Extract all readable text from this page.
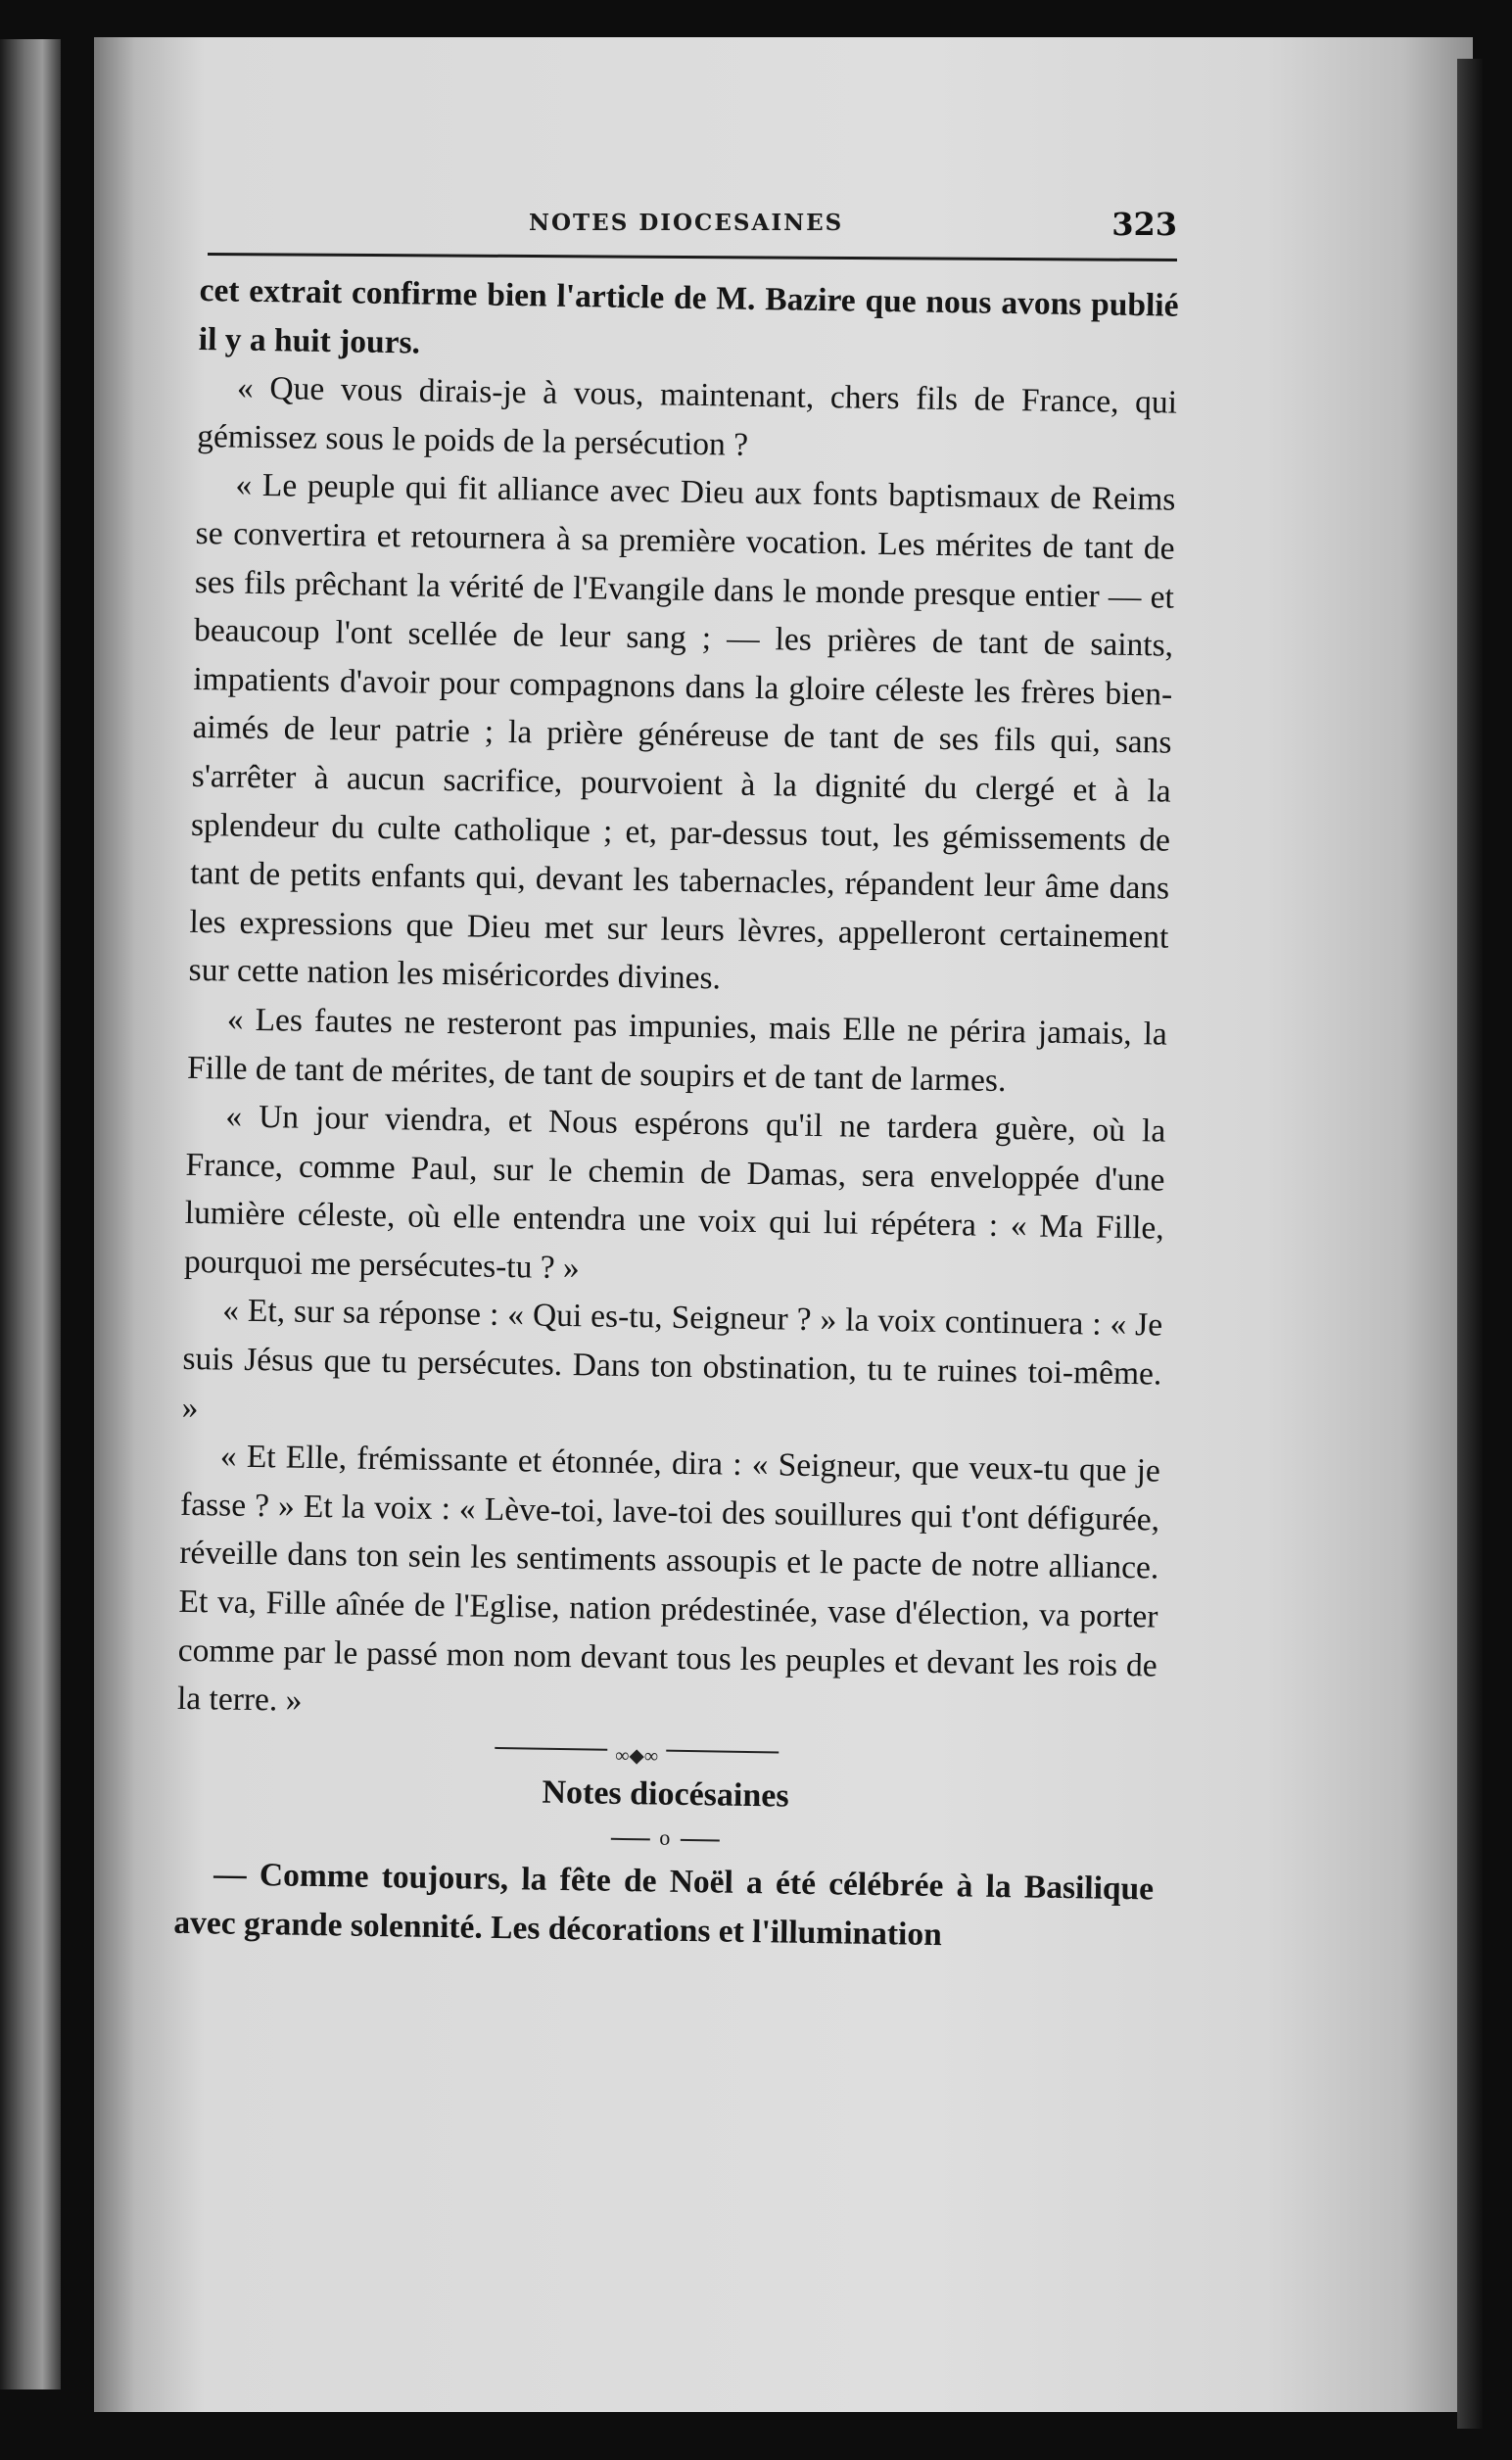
NOTES DIOCESAINES	323

cet extrait confirme bien l'article de M. Bazire que nous avons publié il y a huit jours.

« Que vous dirais-je à vous, maintenant, chers fils de France, qui gémissez sous le poids de la persécution ?

« Le peuple qui fit alliance avec Dieu aux fonts baptismaux de Reims se convertira et retournera à sa première vocation. Les mérites de tant de ses fils prêchant la vérité de l'Evangile dans le monde presque entier — et beaucoup l'ont scellée de leur sang ; — les prières de tant de saints, impatients d'avoir pour compagnons dans la gloire céleste les frères bien-aimés de leur patrie ; la prière généreuse de tant de ses fils qui, sans s'arrêter à aucun sacrifice, pourvoient à la dignité du clergé et à la splendeur du culte catholique ; et, par-dessus tout, les gémissements de tant de petits enfants qui, devant les tabernacles, répandent leur âme dans les expressions que Dieu met sur leurs lèvres, appelleront certainement sur cette nation les miséricordes divines.

« Les fautes ne resteront pas impunies, mais Elle ne périra jamais, la Fille de tant de mérites, de tant de soupirs et de tant de larmes.

« Un jour viendra, et Nous espérons qu'il ne tardera guère, où la France, comme Paul, sur le chemin de Damas, sera enveloppée d'une lumière céleste, où elle entendra une voix qui lui répétera : « Ma Fille, pourquoi me persécutes-tu ? »

« Et, sur sa réponse : « Qui es-tu, Seigneur ? » la voix continuera : « Je suis Jésus que tu persécutes. Dans ton obstination, tu te ruines toi-même. »

« Et Elle, frémissante et étonnée, dira : « Seigneur, que veux-tu que je fasse ? » Et la voix : « Lève-toi, lave-toi des souillures qui t'ont défigurée, réveille dans ton sein les sentiments assoupis et le pacte de notre alliance. Et va, Fille aînée de l'Eglise, nation prédestinée, vase d'élection, va porter comme par le passé mon nom devant tous les peuples et devant les rois de la terre. »

∞◆∞
Notes diocésaines
o

— Comme toujours, la fête de Noël a été célébrée à la Basilique avec grande solennité. Les décorations et l'illumination
